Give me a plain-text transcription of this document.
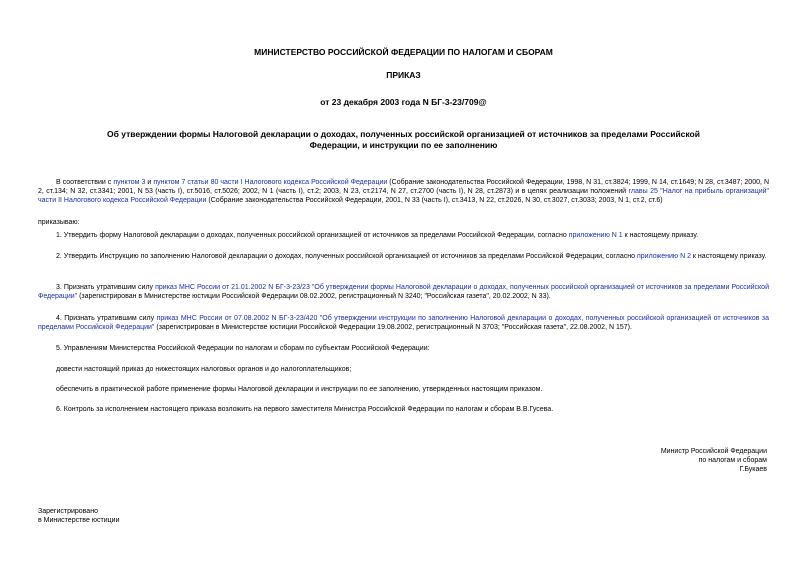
МИНИСТЕРСТВО РОССИЙСКОЙ ФЕДЕРАЦИИ ПО НАЛОГАМ И СБОРАМ
ПРИКАЗ
от 23 декабря 2003 года N БГ-3-23/709@
Об утверждении формы Налоговой декларации о доходах, полученных российской организацией от источников за пределами Российской Федерации, и инструкции по ее заполнению
В соответствии с пунктом 3 и пунктом 7 статьи 80 части I Налогового кодекса Российской Федерации (Собрание законодательства Российской Федерации, 1998, N 31, ст.3824; 1999, N 14, ст.1649; N 28, ст.3487; 2000, N 2, ст.134; N 32, ст.3341; 2001, N 53 (часть I), ст.5016, ст.5026; 2002, N 1 (часть I), ст.2; 2003, N 23, ст.2174, N 27, ст.2700 (часть I), N 28, ст.2873) и в целях реализации положений главы 25 "Налог на прибыль организаций" части II Налогового кодекса Российской Федерации (Собрание законодательства Российской Федерации, 2001, N 33 (часть I), ст.3413, N 22, ст.2026, N 30, ст.3027, ст.3033; 2003, N 1, ст.2, ст.6)
приказываю:
1. Утвердить форму Налоговой декларации о доходах, полученных российской организацией от источников за пределами Российской Федерации, согласно приложению N 1 к настоящему приказу.
2. Утвердить Инструкцию по заполнению Налоговой декларации о доходах, полученных российской организацией от источников за пределами Российской Федерации, согласно приложению N 2 к настоящему приказу.
3. Признать утратившим силу приказ МНС России от 21.01.2002 N БГ-3-23/23 "Об утверждении формы Налоговой декларации о доходах, полученных российской организацией от источников за пределами Российской Федерации" (зарегистрирован в Министерстве юстиции Российской Федерации 08.02.2002, регистрационный N 3240; "Российская газета", 20.02.2002, N 33).
4. Признать утратившим силу приказ МНС России от 07.08.2002 N БГ-3-23/420 "Об утверждении инструкции по заполнению Налоговой декларации о доходах, полученных российской организацией от источников за пределами Российской Федерации" (зарегистрирован в Министерстве юстиции Российской Федерации 19.08.2002, регистрационный N 3703; "Российская газета", 22.08.2002, N 157).
5. Управлениям Министерства Российской Федерации по налогам и сборам по субъектам Российской Федерации:
довести настоящий приказ до нижестоящих налоговых органов и до налогоплательщиков;
обеспечить в практической работе применение формы Налоговой декларации и инструкции по ее заполнению, утвержденных настоящим приказом.
6. Контроль за исполнением настоящего приказа возложить на первого заместителя Министра Российской Федерации по налогам и сборам В.В.Гусева.
Министр Российской Федерации
по налогам и сборам
Г.Букаев
Зарегистрировано
в Министерстве юстиции
